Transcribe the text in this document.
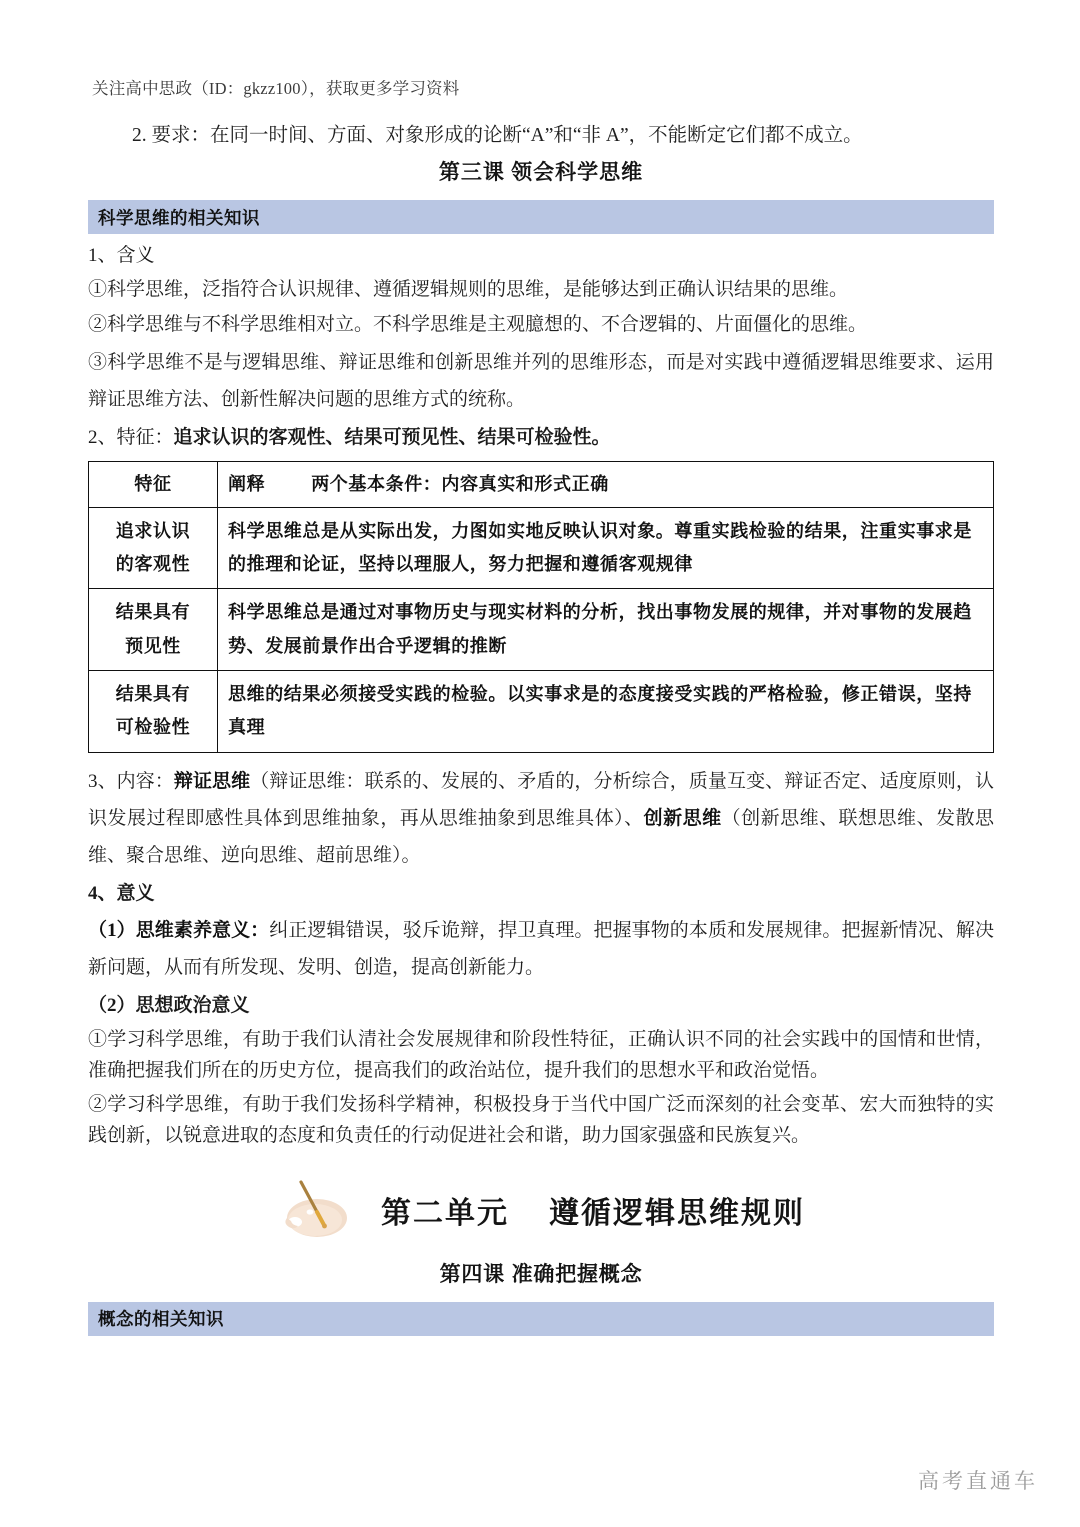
关注高中思政（ID：gkzz100），获取更多学习资料

2. 要求：在同一时间、方面、对象形成的论断“A”和“非 A”，不能断定它们都不成立。

第三课 领会科学思维
科学思维的相关知识
1、含义

①科学思维，泛指符合认识规律、遵循逻辑规则的思维，是能够达到正确认识结果的思维。

②科学思维与不科学思维相对立。不科学思维是主观臆想的、不合逻辑的、片面僵化的思维。

③科学思维不是与逻辑思维、辩证思维和创新思维并列的思维形态，而是对实践中遵循逻辑思维要求、运用辩证思维方法、创新性解决问题的思维方式的统称。

2、特征：追求认识的客观性、结果可预见性、结果可检验性。
特征	阐释 两个基本条件：内容真实和形式正确

追求认识
的客观性	科学思维总是从实际出发，力图如实地反映认识对象。尊重实践检验的结果，注重实事求是的推理和论证，坚持以理服人，努力把握和遵循客观规律

结果具有
预见性	科学思维总是通过对事物历史与现实材料的分析，找出事物发展的规律，并对事物的发展趋势、发展前景作出合乎逻辑的推断

结果具有
可检验性	思维的结果必须接受实践的检验。以实事求是的态度接受实践的严格检验，修正错误，坚持真理

3、内容：辩证思维（辩证思维：联系的、发展的、矛盾的，分析综合，质量互变、辩证否定、适度原则，认识发展过程即感性具体到思维抽象，再从思维抽象到思维具体）、创新思维（创新思维、联想思维、发散思维、聚合思维、逆向思维、超前思维）。

4、意义

（1）思维素养意义：纠正逻辑错误，驳斥诡辩，捍卫真理。把握事物的本质和发展规律。把握新情况、解决新问题，从而有所发现、发明、创造，提高创新能力。

（2）思想政治意义

①学习科学思维，有助于我们认清社会发展规律和阶段性特征，正确认识不同的社会实践中的国情和世情，准确把握我们所在的历史方位，提高我们的政治站位，提升我们的思想水平和政治觉悟。

②学习科学思维，有助于我们发扬科学精神，积极投身于当代中国广泛而深刻的社会变革、宏大而独特的实践创新，以锐意进取的态度和负责任的行动促进社会和谐，助力国家强盛和民族复兴。

第二单元 遵循逻辑思维规则
第四课 准确把握概念
概念的相关知识
高考直通车
